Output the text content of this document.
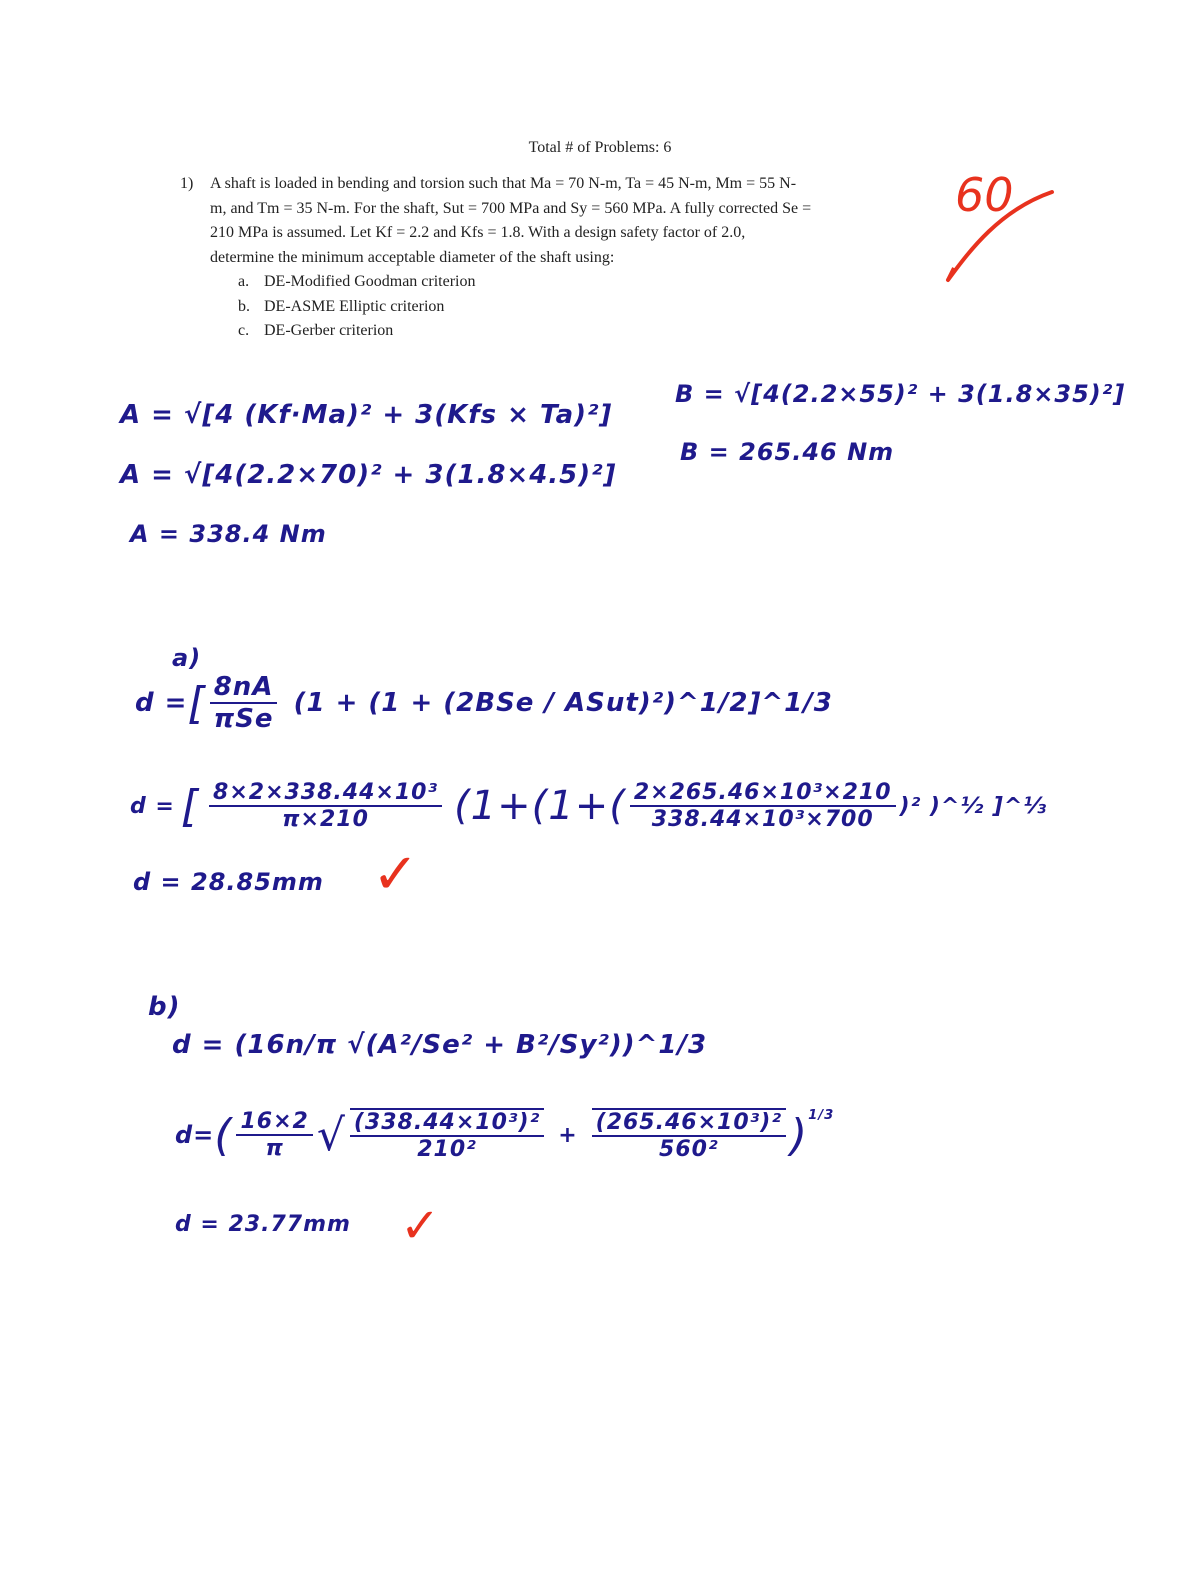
Total # of Problems: 6
1) A shaft is loaded in bending and torsion such that Ma = 70 N-m, Ta = 45 N-m, Mm = 55 N-
m, and Tm = 35 N-m. For the shaft, Sut = 700 MPa and Sy = 560 MPa. A fully corrected Se =
210 MPa is assumed. Let Kf = 2.2 and Kfs = 1.8. With a design safety factor of 2.0,
determine the minimum acceptable diameter of the shaft using:
a. DE-Modified Goodman criterion
b. DE-ASME Elliptic criterion
c. DE-Gerber criterion
60
A = √[4 (Kf·Ma)² + 3(Kfs × Ta)²]
A = √[4(2.2×70)² + 3(1.8×4.5)²]
A = 338.4 Nm
B = √[4(2.2×55)² + 3(1.8×35)²]
B = 265.46 Nm
a)
d = [ $\frac{8nA}{\text{πSe}} (1 + (1 + (2BSe$ / ASut)²)^1/2]^1/3
d = [ $\frac{\text{8×2×338.44×10³}}{\pi\times 210} (1+(1+( \frac{\text{2×265.46×10³×210}}{\text{338.44×10³×700}} )^2$ )^½ ]^⅓
d = 28.85mm ✓
b)
d = (16n/π √(A²/Se² + B²/Sy²))^1/3
d= ( $\frac{16\times 2}{\pi}$ √ $\frac{\text{(338.44×10³)²}}{\text{210²}} + \frac{\text{(265.46×10³)²}}{\text{560²}} )^{1/3}$
d = 23.77mm ✓
